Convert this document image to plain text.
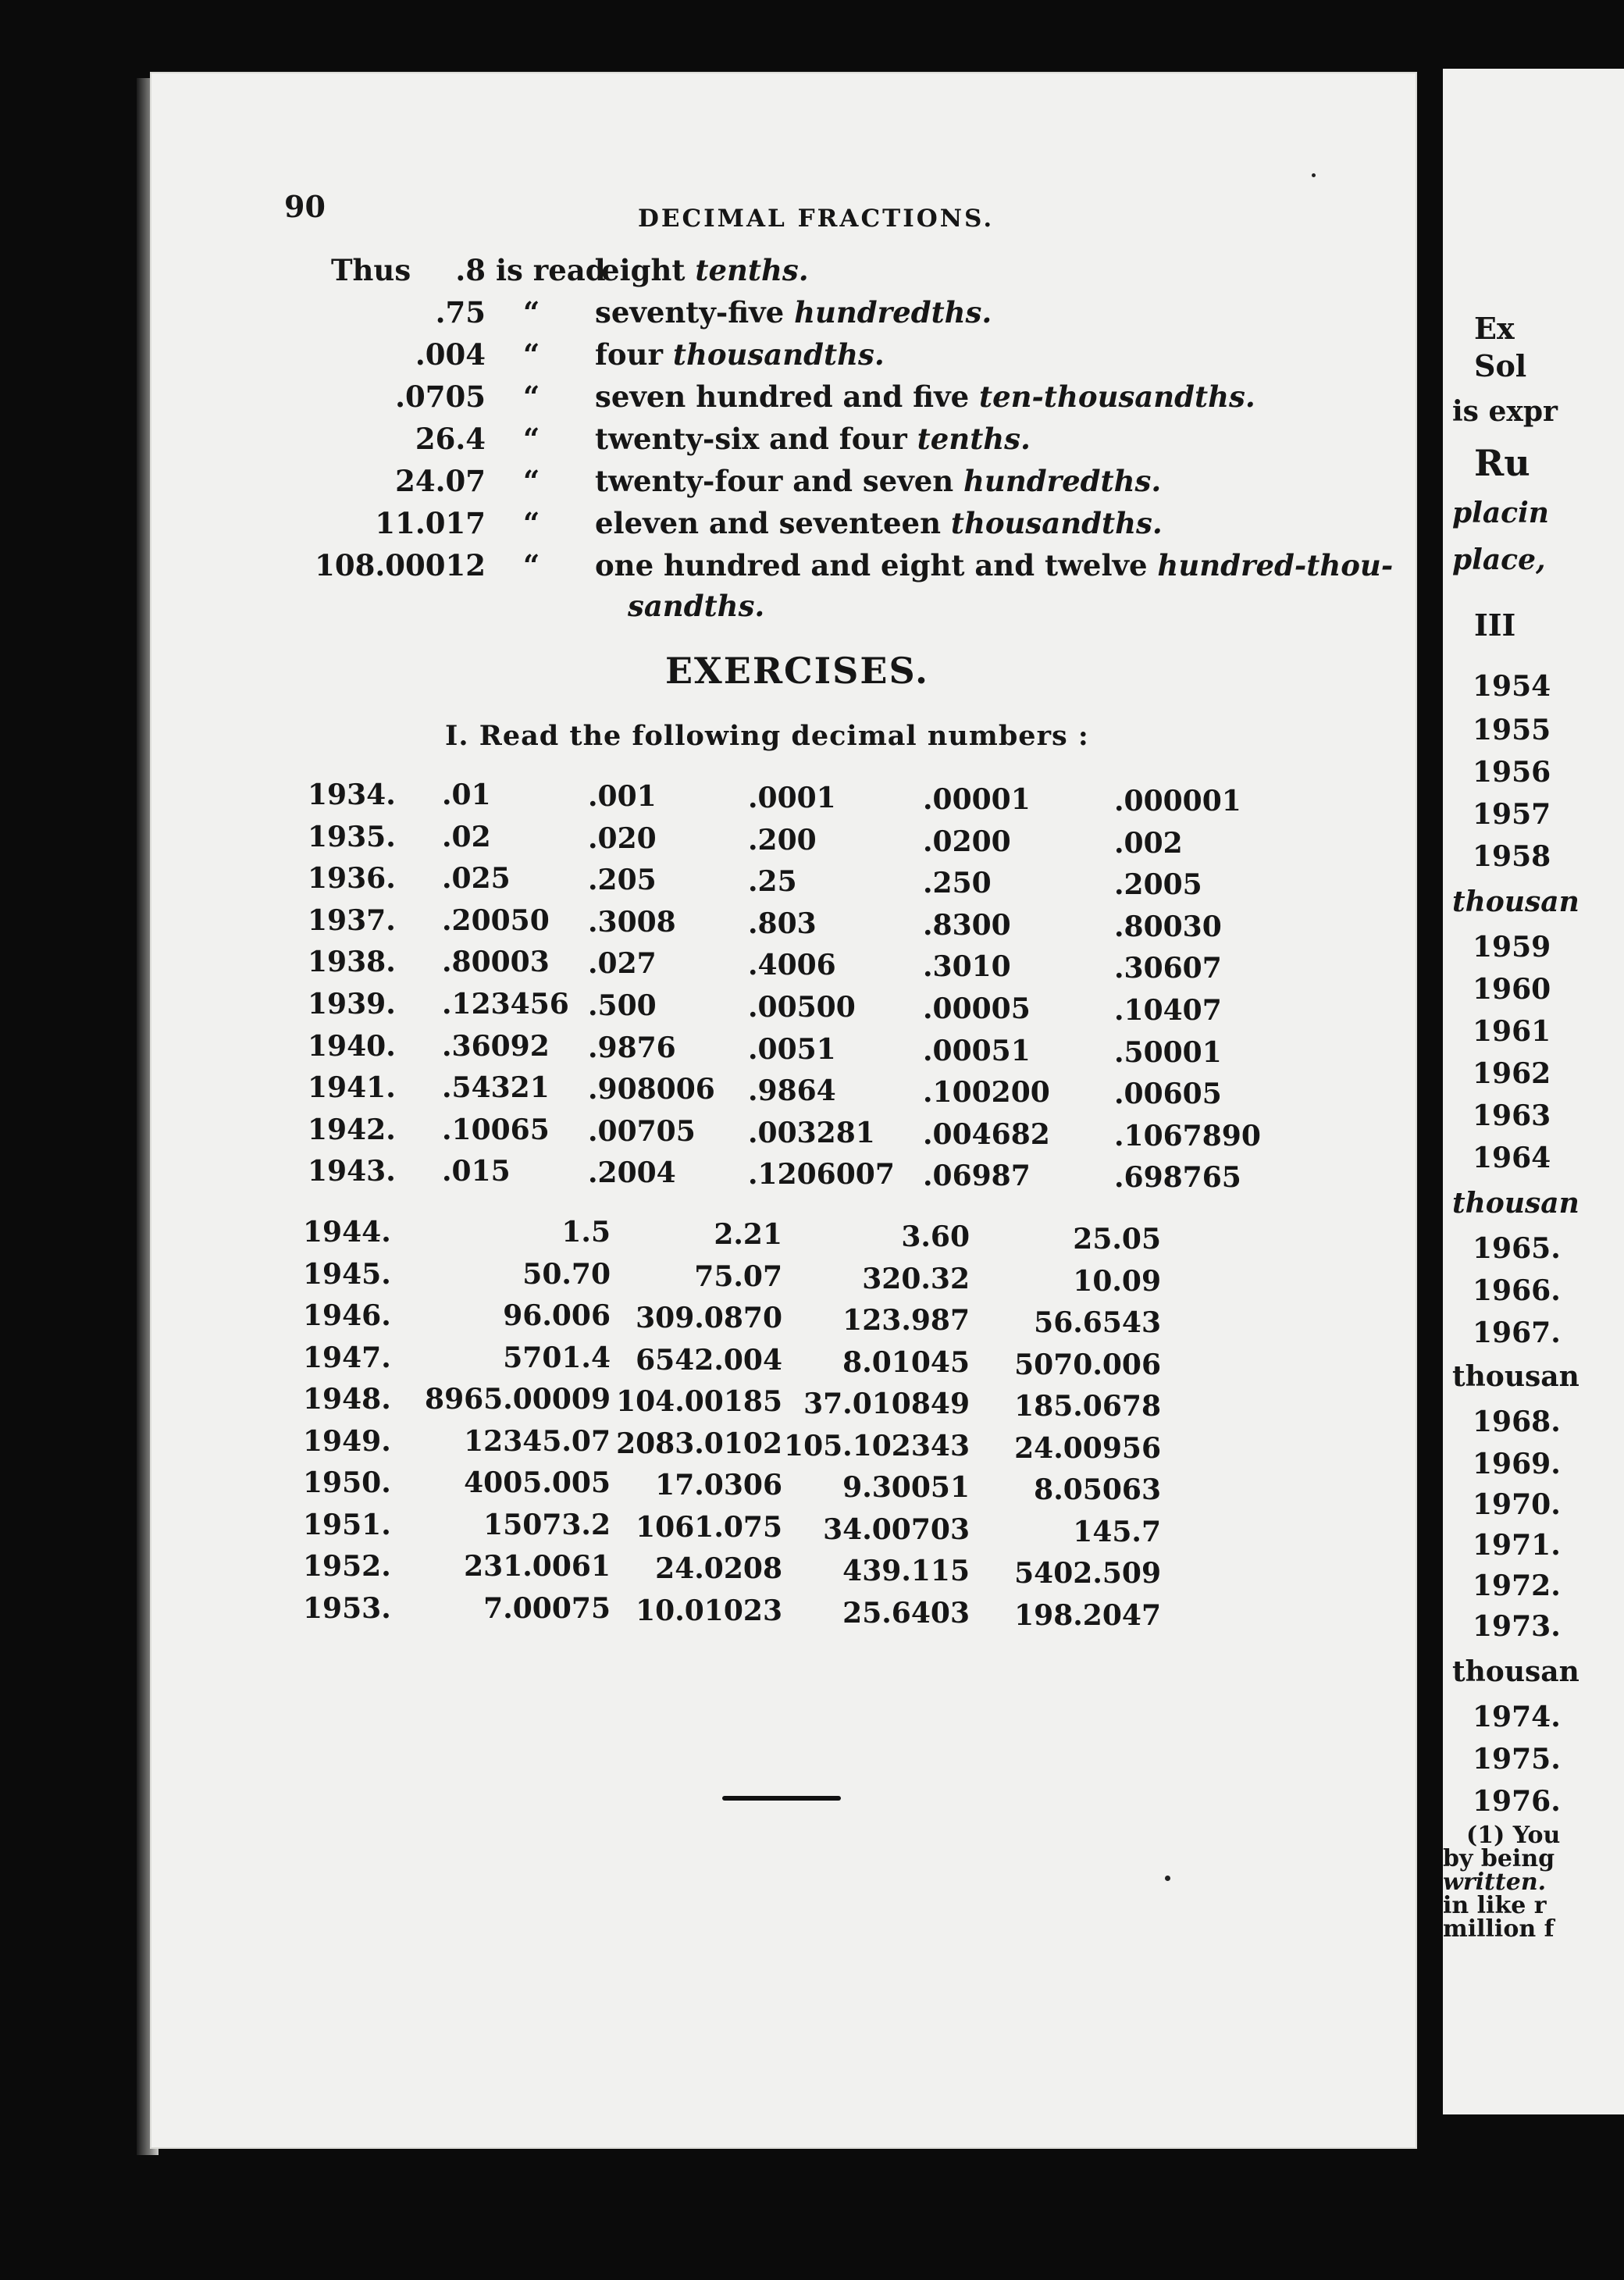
90	DECIMAL FRACTIONS.
Thus .8 is read
eight tenths.
.75 “ seventy-five hundredths.
.004 “ four thousandths.
.0705 “ seven hundred and five ten-thousandths.
26.4 “ twenty-six and four tenths.
24.07 “ twenty-four and seven hundredths.
11.017 “ eleven and seventeen thousandths.
108.00012 “ one hundred and eight and twelve hundred-thou-
sandths.
EXERCISES.
I. Read the following decimal numbers :
1934. .01	.001	.0001	.00001	.000001
1935. .02	.020	.200	.0200	.002
1936. .025	.205	.25	.250	.2005
1937. .20050 .3008	.803	.8300	.80030
1938. .80003 .027	.4006	.3010	.30607
1939. .123456 .500	.00500 .00005	.10407
1940. .36092 .9876	.0051	.00051	.50001
1941. .54321 .908006 .9864	.100200 .00605
1942. .10065 .00705 .003281 .004682 .1067890
1943. .015	.2004	.1206007 .06987	.698765
1944.	1.5	2.21	3.60	25.05
1945.	50.70	75.07	320.32	10.09
1946.	96.006 309.0870 123.987 56.6543
1947.	5701.4 6542.004 8.01045 5070.006
1948. 8965.00009 104.00185 37.010849 185.0678
1949.	12345.07 2083.0102 105.102343 24.00956
1950.	4005.005 17.0306 9.30051 8.05063
1951.	15073.2 1061.075 34.00703	145.7
1952.	231.0061 24.0208 439.115 5402.509
1953.	7.00075 10.01023 25.6403 198.2047
Ex
Sol
is expr
Ru
placin
place,
III
1954
1955
1956
1957
1958
thousan
1959
1960
1961
1962
1963
1964
thousan
1965.
1966.
1967.
thousan
1968.
1969.
1970.
1971.
1972.
1973.
thousan
1974.
1975.
1976.
(1) You
by being
written.
in like r
million f
